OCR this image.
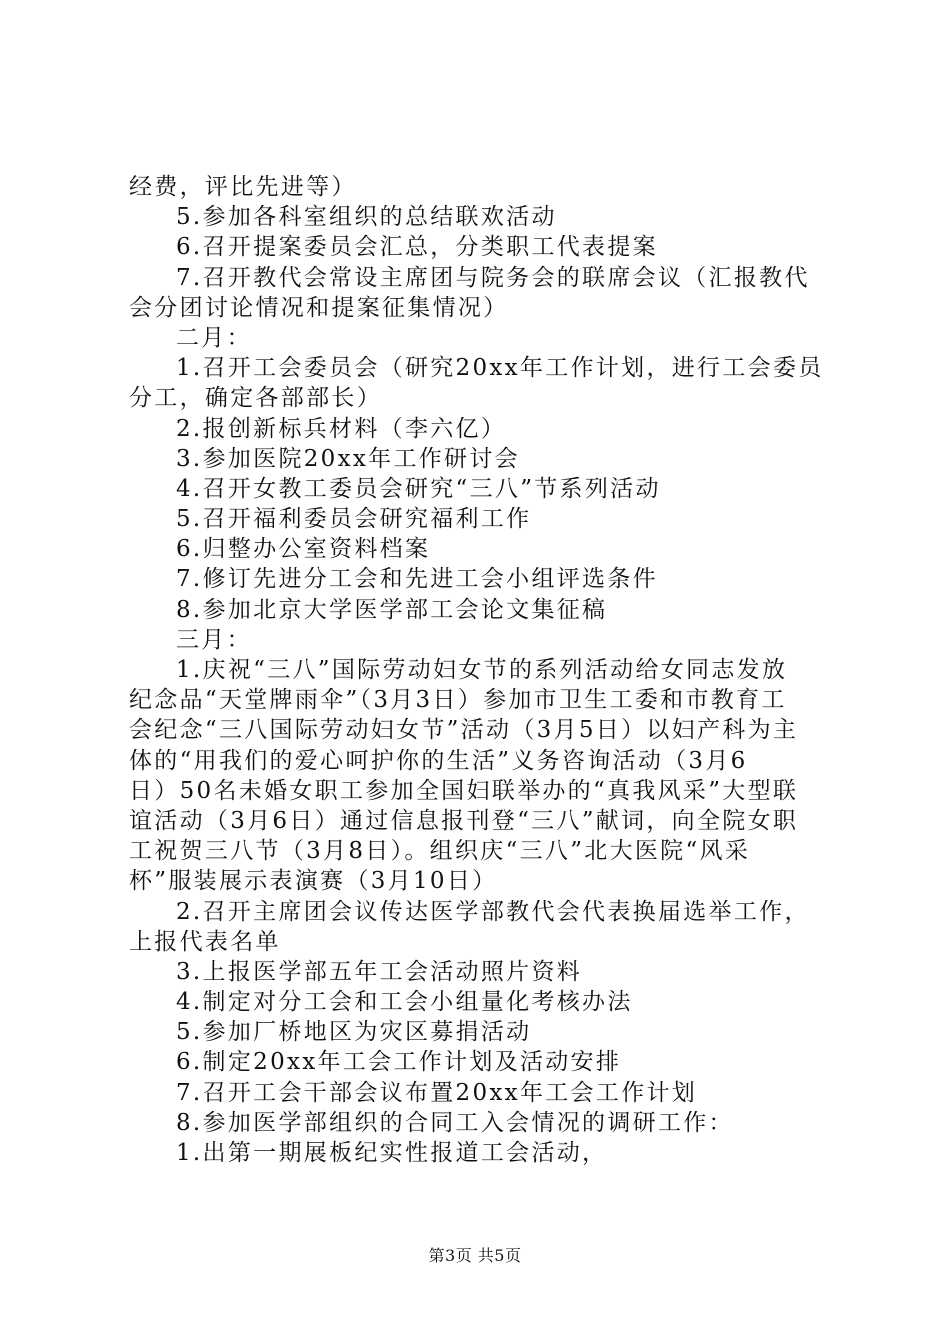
经费，评比先进等）
5.参加各科室组织的总结联欢活动
6.召开提案委员会汇总，分类职工代表提案
7.召开教代会常设主席团与院务会的联席会议（汇报教代
会分团讨论情况和提案征集情况）
二月：
1.召开工会委员会（研究20xx年工作计划，进行工会委员
分工，确定各部部长）
2.报创新标兵材料（李六亿）
3.参加医院20xx年工作研讨会
4.召开女教工委员会研究“三八”节系列活动
5.召开福利委员会研究福利工作
6.归整办公室资料档案
7.修订先进分工会和先进工会小组评选条件
8.参加北京大学医学部工会论文集征稿
三月：
1.庆祝“三八”国际劳动妇女节的系列活动给女同志发放
纪念品“天堂牌雨伞”（3月3日）参加市卫生工委和市教育工
会纪念“三八国际劳动妇女节”活动（3月5日）以妇产科为主
体的“用我们的爱心呵护你的生活”义务咨询活动（3月6
日）50名未婚女职工参加全国妇联举办的“真我风采”大型联
谊活动（3月6日）通过信息报刊登“三八”献词，向全院女职
工祝贺三八节（3月8日）。组织庆“三八”北大医院“风采
杯”服装展示表演赛（3月10日）
2.召开主席团会议传达医学部教代会代表换届选举工作，
上报代表名单
3.上报医学部五年工会活动照片资料
4.制定对分工会和工会小组量化考核办法
5.参加厂桥地区为灾区募捐活动
6.制定20xx年工会工作计划及活动安排
7.召开工会干部会议布置20xx年工会工作计划
8.参加医学部组织的合同工入会情况的调研工作：
1.出第一期展板纪实性报道工会活动，
第3页 共5页
